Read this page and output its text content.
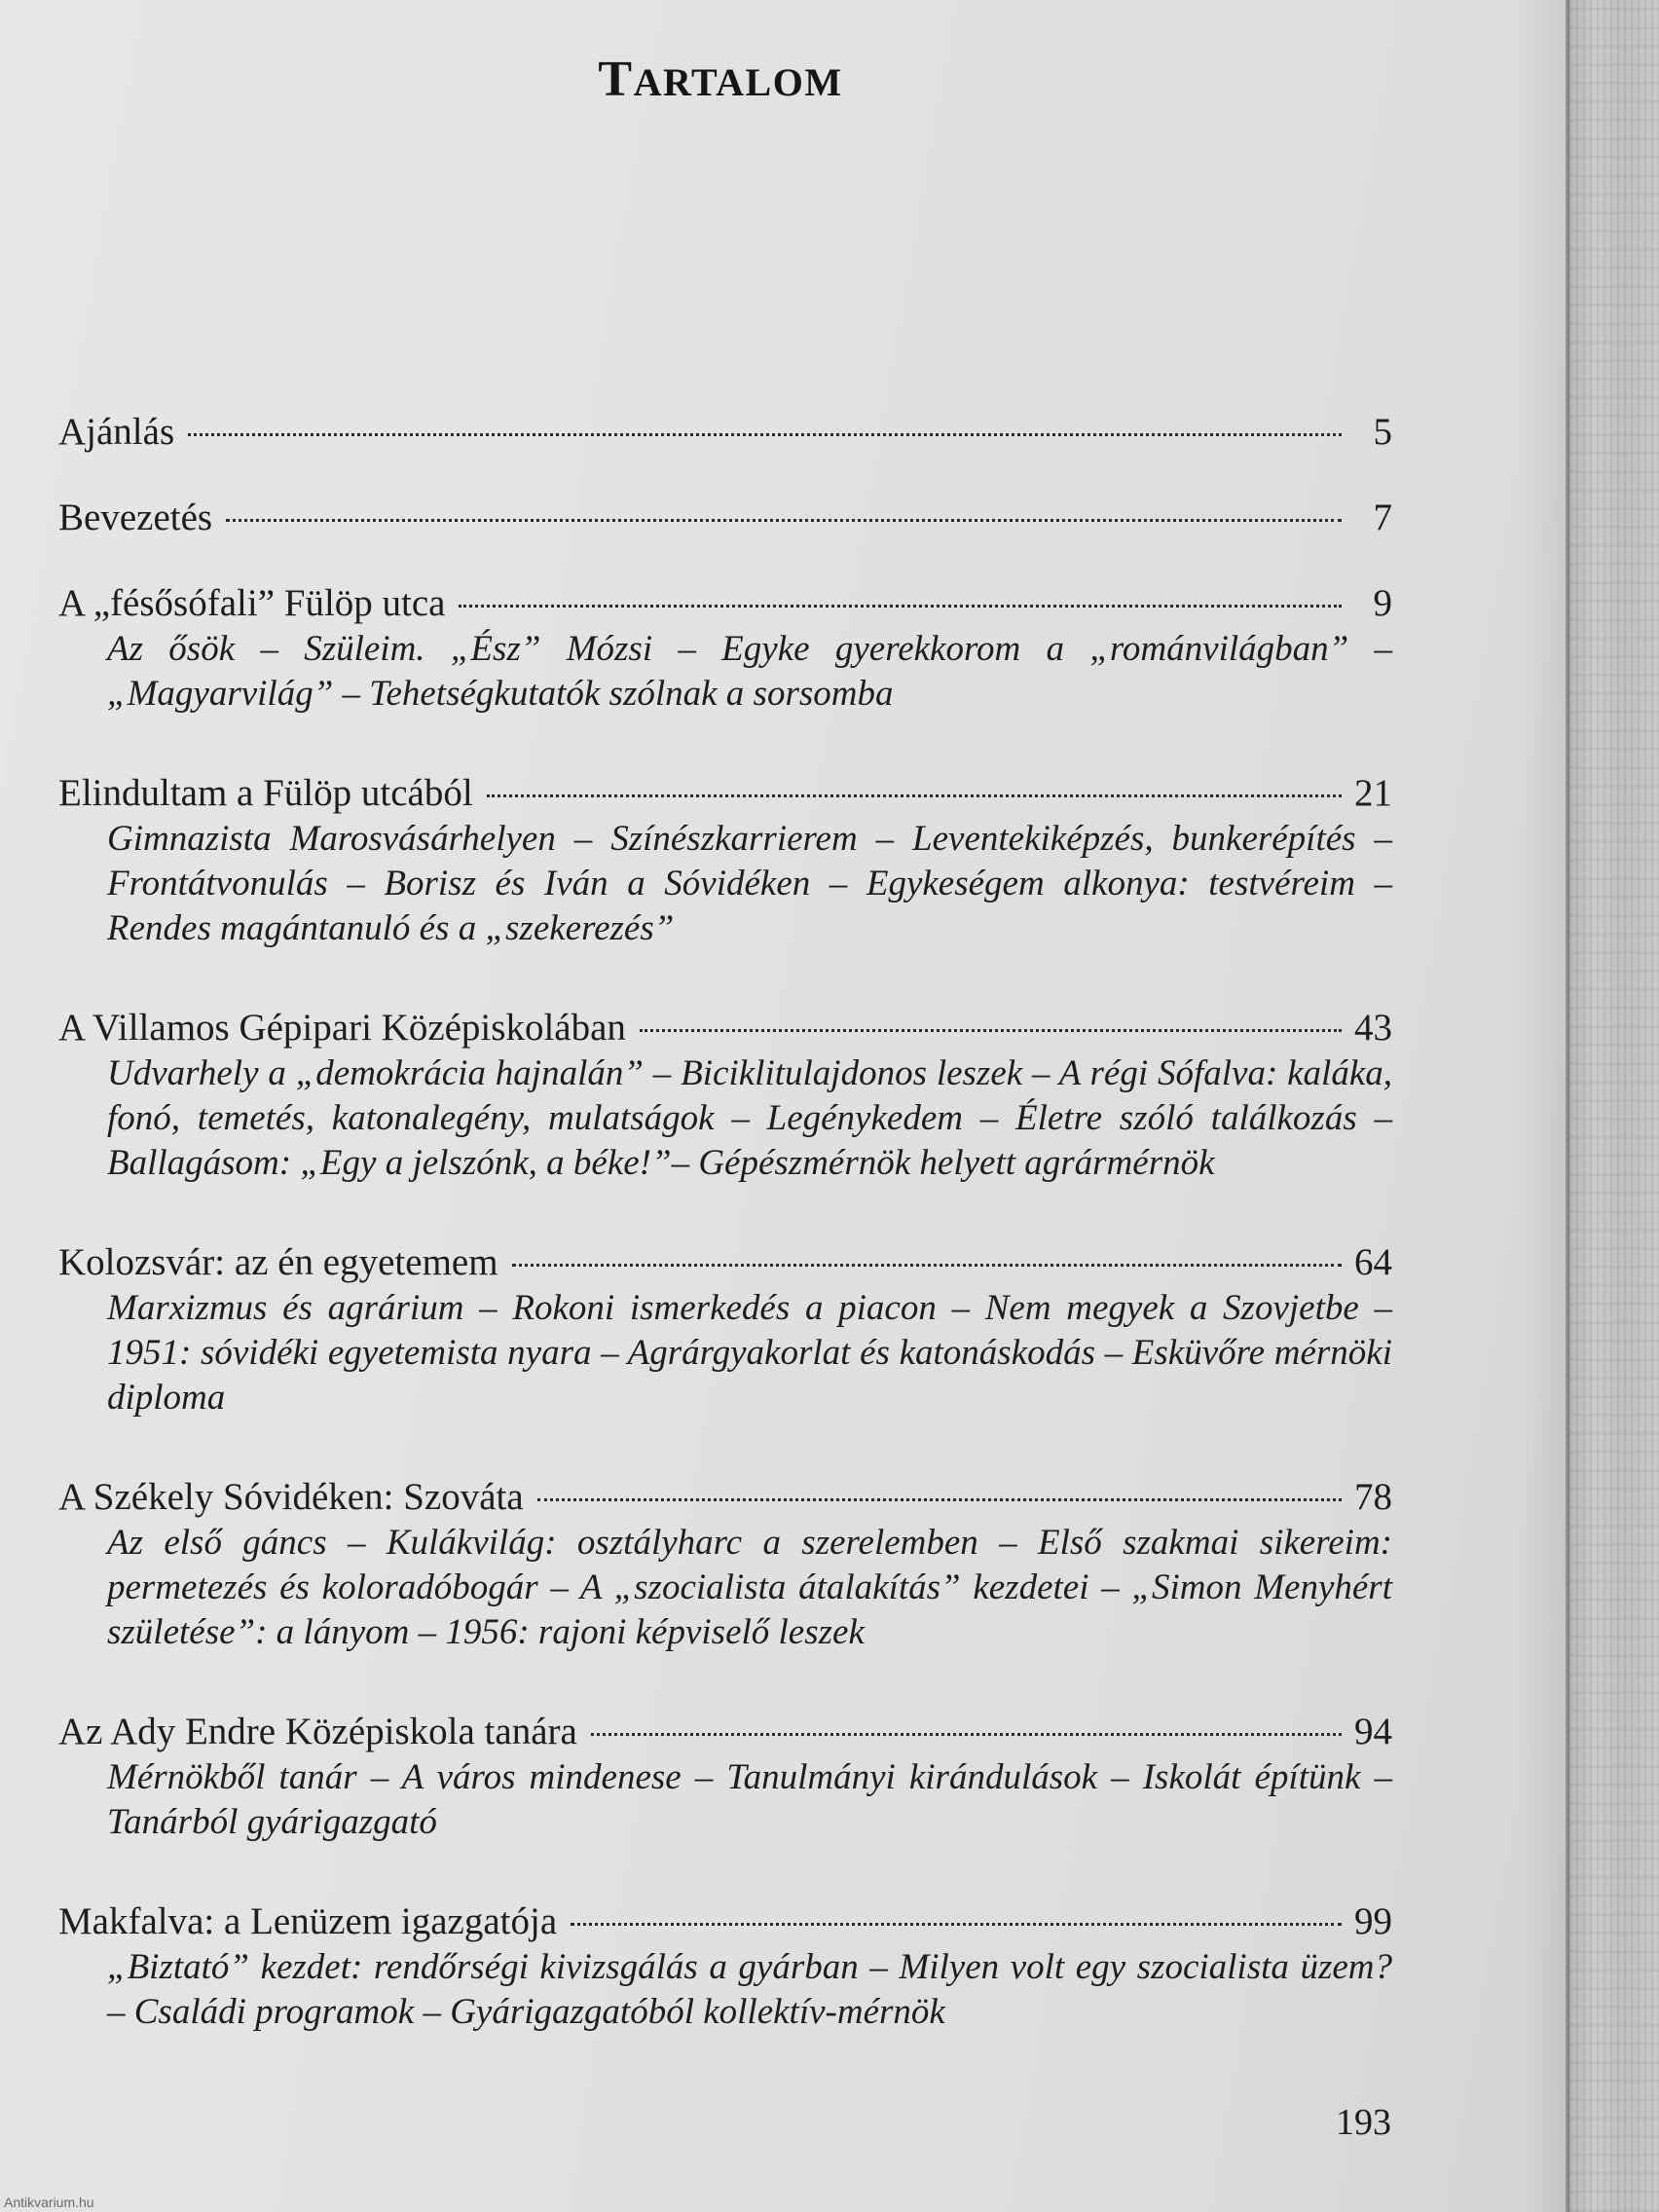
TARTALOM
Ajánlás	5
Bevezetés	7
A „fésősófali” Fülöp utca	9
Az ősök – Szüleim. „Ész” Mózsi – Egyke gyerekkorom a „románvilágban” – „Magyarvilág” – Tehetségkutatók szólnak a sorsomba
Elindultam a Fülöp utcából	21
Gimnazista Marosvásárhelyen – Színészkarrierem – Leventekiképzés, bunkerépítés – Frontátvonulás – Borisz és Iván a Sóvidéken – Egykeségem alkonya: testvéreim – Rendes magántanuló és a „szekerezés”
A Villamos Gépipari Középiskolában	43
Udvarhely a „demokrácia hajnalán” – Biciklitulajdonos leszek – A régi Sófalva: kaláka, fonó, temetés, katonalegény, mulatságok – Legénykedem – Életre szóló találkozás – Ballagásom: „Egy a jelszónk, a béke!”– Gépészmérnök helyett agrármérnök
Kolozsvár: az én egyetemem	64
Marxizmus és agrárium – Rokoni ismerkedés a piacon – Nem megyek a Szovjetbe – 1951: sóvidéki egyetemista nyara – Agrárgyakorlat és katonáskodás – Esküvőre mérnöki diploma
A Székely Sóvidéken: Szováta	78
Az első gáncs – Kulákvilág: osztályharc a szerelemben – Első szakmai sikereim: permetezés és koloradóbogár – A „szocialista átalakítás” kezdetei – „Simon Menyhért születése”: a lányom – 1956: rajoni képviselő leszek
Az Ady Endre Középiskola tanára	94
Mérnökből tanár – A város mindenese – Tanulmányi kirándulások – Iskolát építünk – Tanárból gyárigazgató
Makfalva: a Lenüzem igazgatója	99
„Biztató” kezdet: rendőrségi kivizsgálás a gyárban – Milyen volt egy szocialista üzem? – Családi programok – Gyárigazgatóból kollektív-mérnök
193
Antikvarium.hu
